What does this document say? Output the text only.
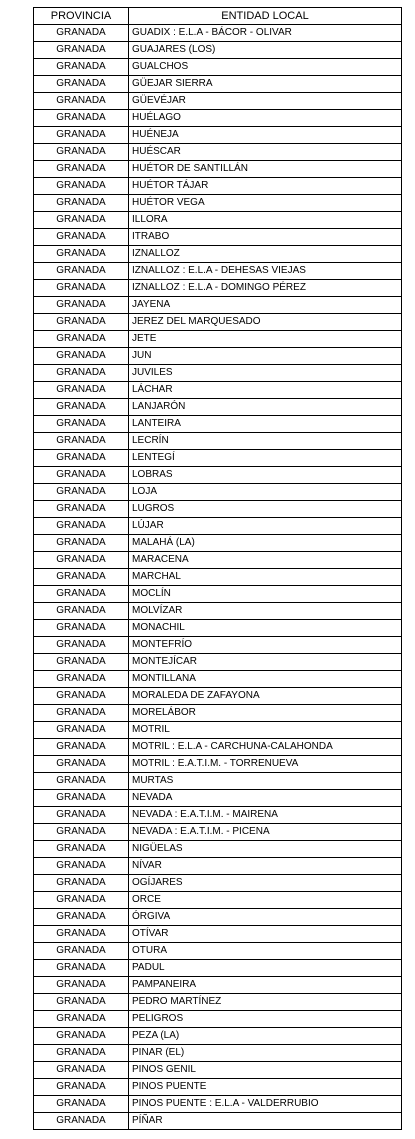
PROVINCIA	ENTIDAD LOCAL
GRANADA	GUADIX : E.L.A - BÁCOR - OLIVAR
GRANADA	GUAJARES (LOS)
GRANADA	GUALCHOS
GRANADA	GÜEJAR SIERRA
GRANADA	GÜEVÉJAR
GRANADA	HUÉLAGO
GRANADA	HUÉNEJA
GRANADA	HUÉSCAR
GRANADA	HUÉTOR DE SANTILLÁN
GRANADA	HUÉTOR TÁJAR
GRANADA	HUÉTOR VEGA
GRANADA	ILLORA
GRANADA	ITRABO
GRANADA	IZNALLOZ
GRANADA	IZNALLOZ : E.L.A - DEHESAS VIEJAS
GRANADA	IZNALLOZ : E.L.A - DOMINGO PÉREZ
GRANADA	JAYENA
GRANADA	JEREZ DEL MARQUESADO
GRANADA	JETE
GRANADA	JUN
GRANADA	JUVILES
GRANADA	LÁCHAR
GRANADA	LANJARÓN
GRANADA	LANTEIRA
GRANADA	LECRÍN
GRANADA	LENTEGÍ
GRANADA	LOBRAS
GRANADA	LOJA
GRANADA	LUGROS
GRANADA	LÚJAR
GRANADA	MALAHÁ (LA)
GRANADA	MARACENA
GRANADA	MARCHAL
GRANADA	MOCLÍN
GRANADA	MOLVÍZAR
GRANADA	MONACHIL
GRANADA	MONTEFRÍO
GRANADA	MONTEJÍCAR
GRANADA	MONTILLANA
GRANADA	MORALEDA DE ZAFAYONA
GRANADA	MORELÁBOR
GRANADA	MOTRIL
GRANADA	MOTRIL : E.L.A - CARCHUNA-CALAHONDA
GRANADA	MOTRIL : E.A.T.I.M. - TORRENUEVA
GRANADA	MURTAS
GRANADA	NEVADA
GRANADA	NEVADA : E.A.T.I.M. - MAIRENA
GRANADA	NEVADA : E.A.T.I.M. - PICENA
GRANADA	NIGÜELAS
GRANADA	NÍVAR
GRANADA	OGÍJARES
GRANADA	ORCE
GRANADA	ÓRGIVA
GRANADA	OTÍVAR
GRANADA	OTURA
GRANADA	PADUL
GRANADA	PAMPANEIRA
GRANADA	PEDRO MARTÍNEZ
GRANADA	PELIGROS
GRANADA	PEZA (LA)
GRANADA	PINAR (EL)
GRANADA	PINOS GENIL
GRANADA	PINOS PUENTE
GRANADA	PINOS PUENTE : E.L.A - VALDERRUBIO
GRANADA	PÍÑAR
